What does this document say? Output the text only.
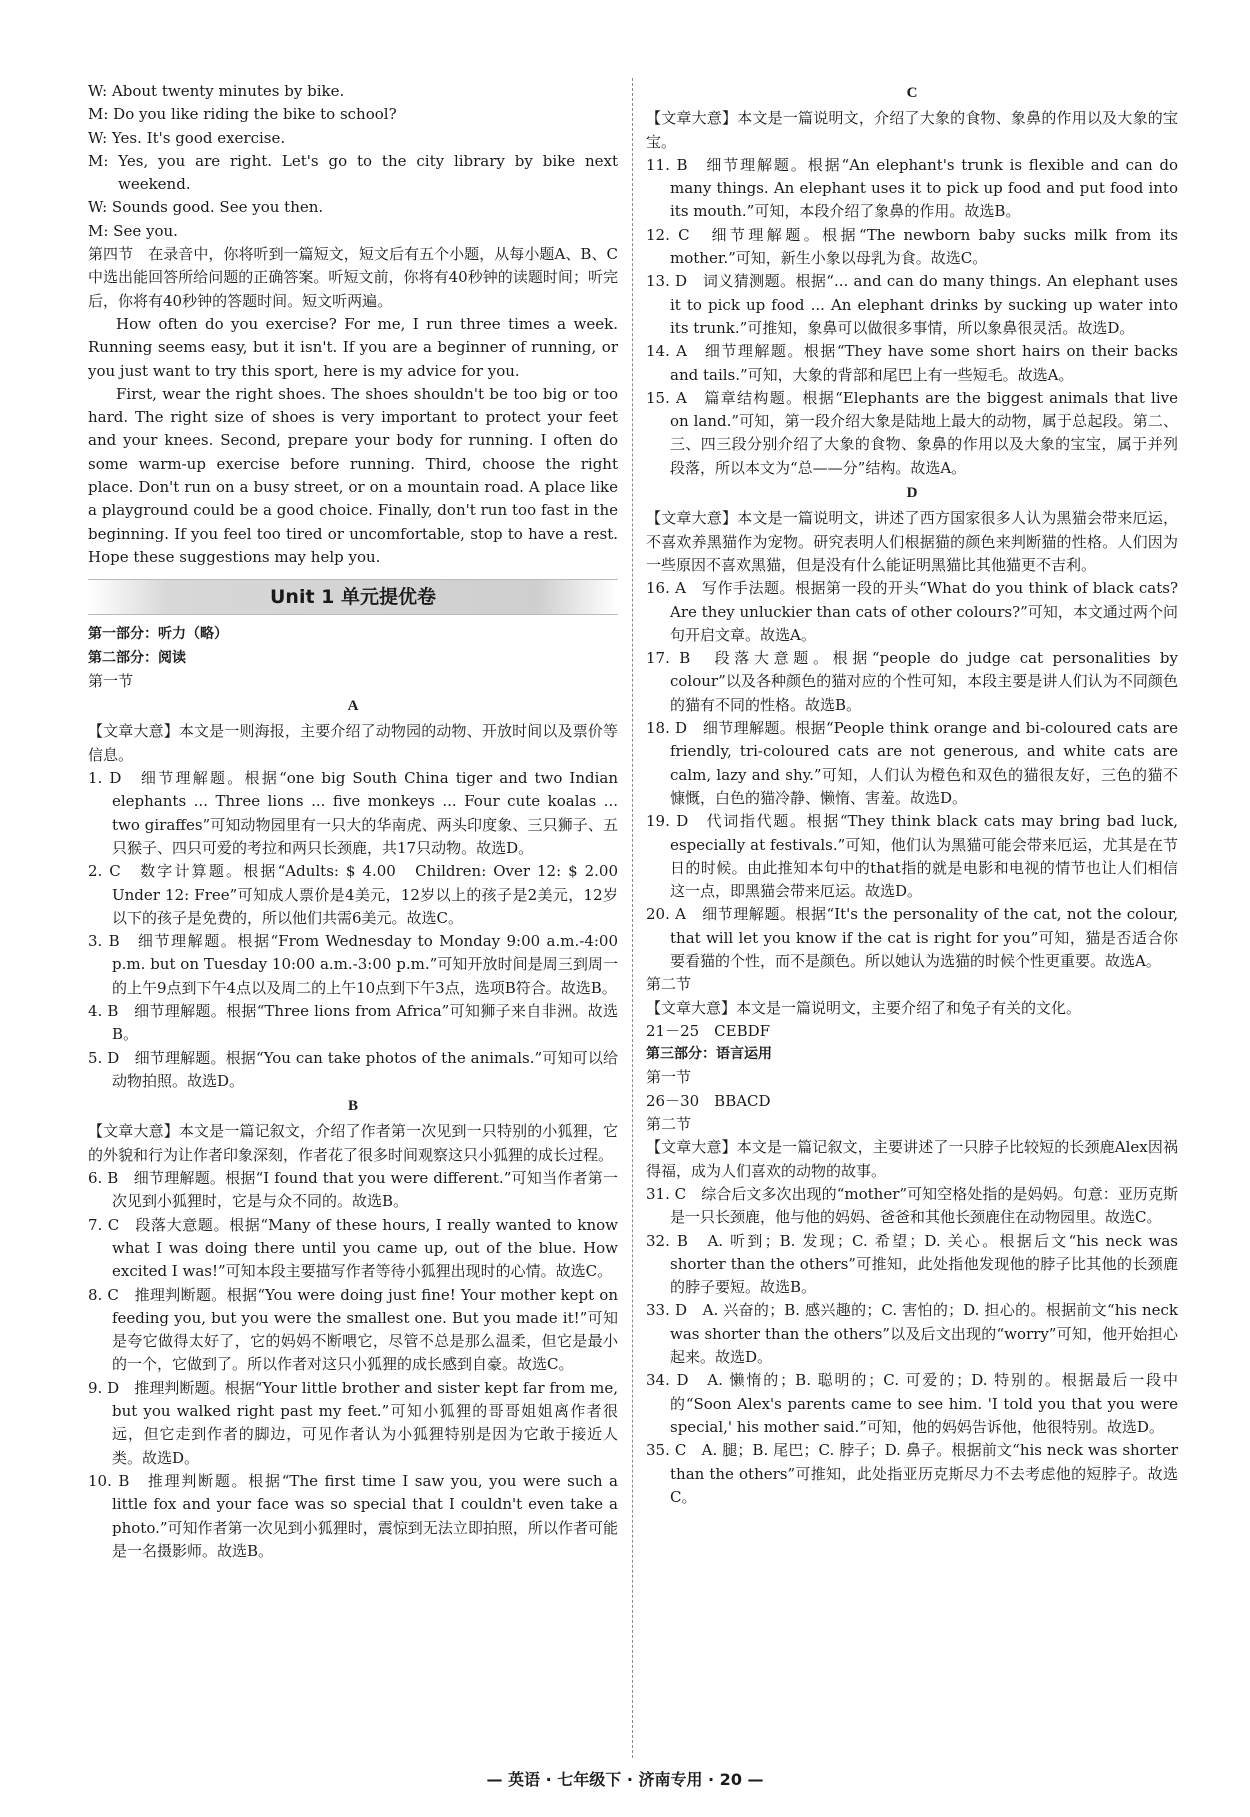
W: About twenty minutes by bike.

M: Do you like riding the bike to school?

W: Yes. It's good exercise.

M: Yes, you are right. Let's go to the city library by bike next weekend.

W: Sounds good. See you then.

M: See you.

第四节　在录音中，你将听到一篇短文，短文后有五个小题，从每小题A、B、C中选出能回答所给问题的正确答案。听短文前，你将有40秒钟的读题时间；听完后，你将有40秒钟的答题时间。短文听两遍。

How often do you exercise? For me, I run three times a week. Running seems easy, but it isn't. If you are a beginner of running, or you just want to try this sport, here is my advice for you.

First, wear the right shoes. The shoes shouldn't be too big or too hard. The right size of shoes is very important to protect your feet and your knees. Second, prepare your body for running. I often do some warm-up exercise before running. Third, choose the right place. Don't run on a busy street, or on a mountain road. A place like a playground could be a good choice. Finally, don't run too fast in the beginning. If you feel too tired or uncomfortable, stop to have a rest. Hope these suggestions may help you.

Unit 1 单元提优卷

第一部分：听力（略）

第二部分：阅读

第一节

A

【文章大意】本文是一则海报，主要介绍了动物园的动物、开放时间以及票价等信息。

1. D　细节理解题。根据“one big South China tiger and two Indian elephants ... Three lions ... five monkeys ... Four cute koalas ... two giraffes”可知动物园里有一只大的华南虎、两头印度象、三只狮子、五只猴子、四只可爱的考拉和两只长颈鹿，共17只动物。故选D。

2. C　数字计算题。根据“Adults: $ 4.00　Children: Over 12: $ 2.00　Under 12: Free”可知成人票价是4美元，12岁以上的孩子是2美元，12岁以下的孩子是免费的，所以他们共需6美元。故选C。

3. B　细节理解题。根据“From Wednesday to Monday 9:00 a.m.-4:00 p.m. but on Tuesday 10:00 a.m.-3:00 p.m.”可知开放时间是周三到周一的上午9点到下午4点以及周二的上午10点到下午3点，选项B符合。故选B。

4. B　细节理解题。根据“Three lions from Africa”可知狮子来自非洲。故选B。

5. D　细节理解题。根据“You can take photos of the animals.”可知可以给动物拍照。故选D。

B

【文章大意】本文是一篇记叙文，介绍了作者第一次见到一只特别的小狐狸，它的外貌和行为让作者印象深刻，作者花了很多时间观察这只小狐狸的成长过程。

6. B　细节理解题。根据“I found that you were different.”可知当作者第一次见到小狐狸时，它是与众不同的。故选B。

7. C　段落大意题。根据“Many of these hours, I really wanted to know what I was doing there until you came up, out of the blue. How excited I was!”可知本段主要描写作者等待小狐狸出现时的心情。故选C。

8. C　推理判断题。根据“You were doing just fine! Your mother kept on feeding you, but you were the smallest one. But you made it!”可知是夸它做得太好了，它的妈妈不断喂它，尽管不总是那么温柔，但它是最小的一个，它做到了。所以作者对这只小狐狸的成长感到自豪。故选C。

9. D　推理判断题。根据“Your little brother and sister kept far from me, but you walked right past my feet.”可知小狐狸的哥哥姐姐离作者很远，但它走到作者的脚边，可见作者认为小狐狸特别是因为它敢于接近人类。故选D。

10. B　推理判断题。根据“The first time I saw you, you were such a little fox and your face was so special that I couldn't even take a photo.”可知作者第一次见到小狐狸时，震惊到无法立即拍照，所以作者可能是一名摄影师。故选B。

C

【文章大意】本文是一篇说明文，介绍了大象的食物、象鼻的作用以及大象的宝宝。

11. B　细节理解题。根据“An elephant's trunk is flexible and can do many things. An elephant uses it to pick up food and put food into its mouth.”可知，本段介绍了象鼻的作用。故选B。

12. C　细节理解题。根据“The newborn baby sucks milk from its mother.”可知，新生小象以母乳为食。故选C。

13. D　词义猜测题。根据“... and can do many things. An elephant uses it to pick up food ... An elephant drinks by sucking up water into its trunk.”可推知，象鼻可以做很多事情，所以象鼻很灵活。故选D。

14. A　细节理解题。根据“They have some short hairs on their backs and tails.”可知，大象的背部和尾巴上有一些短毛。故选A。

15. A　篇章结构题。根据“Elephants are the biggest animals that live on land.”可知，第一段介绍大象是陆地上最大的动物，属于总起段。第二、三、四三段分别介绍了大象的食物、象鼻的作用以及大象的宝宝，属于并列段落，所以本文为“总——分”结构。故选A。

D

【文章大意】本文是一篇说明文，讲述了西方国家很多人认为黑猫会带来厄运，不喜欢养黑猫作为宠物。研究表明人们根据猫的颜色来判断猫的性格。人们因为一些原因不喜欢黑猫，但是没有什么能证明黑猫比其他猫更不吉利。

16. A　写作手法题。根据第一段的开头“What do you think of black cats? Are they unluckier than cats of other colours?”可知，本文通过两个问句开启文章。故选A。

17. B　段落大意题。根据“people do judge cat personalities by colour”以及各种颜色的猫对应的个性可知，本段主要是讲人们认为不同颜色的猫有不同的性格。故选B。

18. D　细节理解题。根据“People think orange and bi-coloured cats are friendly, tri-coloured cats are not generous, and white cats are calm, lazy and shy.”可知，人们认为橙色和双色的猫很友好，三色的猫不慷慨，白色的猫冷静、懒惰、害羞。故选D。

19. D　代词指代题。根据“They think black cats may bring bad luck, especially at festivals.”可知，他们认为黑猫可能会带来厄运，尤其是在节日的时候。由此推知本句中的that指的就是电影和电视的情节也让人们相信这一点，即黑猫会带来厄运。故选D。

20. A　细节理解题。根据“It's the personality of the cat, not the colour, that will let you know if the cat is right for you”可知，猫是否适合你要看猫的个性，而不是颜色。所以她认为选猫的时候个性更重要。故选A。

第二节

【文章大意】本文是一篇说明文，主要介绍了和兔子有关的文化。

21－25　CEBDF

第三部分：语言运用

第一节

26－30　BBACD

第二节

【文章大意】本文是一篇记叙文，主要讲述了一只脖子比较短的长颈鹿Alex因祸得福，成为人们喜欢的动物的故事。

31. C　综合后文多次出现的“mother”可知空格处指的是妈妈。句意：亚历克斯是一只长颈鹿，他与他的妈妈、爸爸和其他长颈鹿住在动物园里。故选C。

32. B　A. 听到；B. 发现；C. 希望；D. 关心。根据后文“his neck was shorter than the others”可推知，此处指他发现他的脖子比其他的长颈鹿的脖子要短。故选B。

33. D　A. 兴奋的；B. 感兴趣的；C. 害怕的；D. 担心的。根据前文“his neck was shorter than the others”以及后文出现的“worry”可知，他开始担心起来。故选D。

34. D　A. 懒惰的；B. 聪明的；C. 可爱的；D. 特别的。根据最后一段中的“Soon Alex's parents came to see him. 'I told you that you were special,' his mother said.”可知，他的妈妈告诉他，他很特别。故选D。

35. C　A. 腿；B. 尾巴；C. 脖子；D. 鼻子。根据前文“his neck was shorter than the others”可推知，此处指亚历克斯尽力不去考虑他的短脖子。故选C。

— 英语 · 七年级下 · 济南专用 · 20 —
